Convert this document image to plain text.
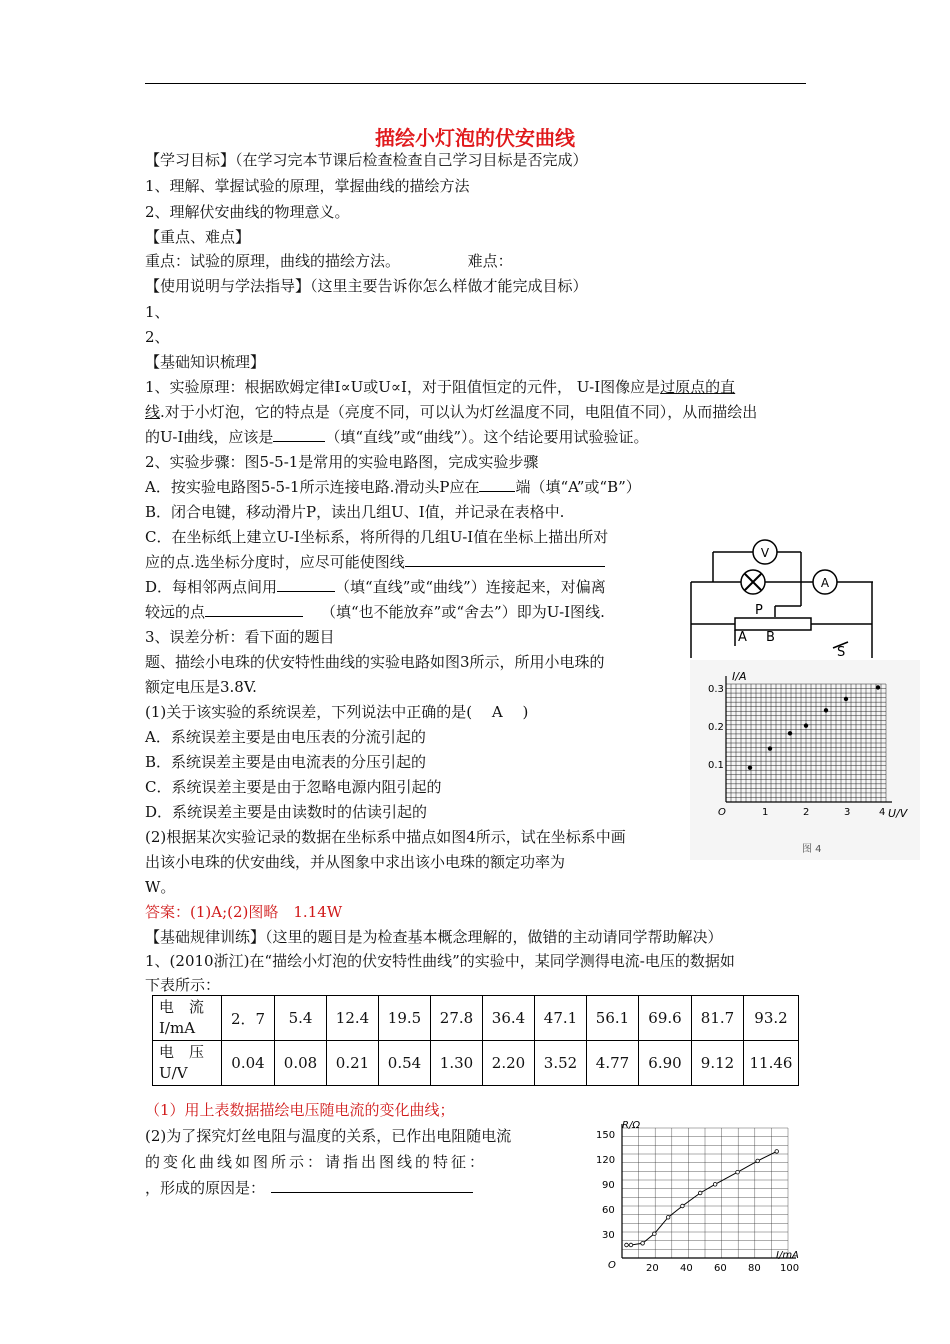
描绘小灯泡的伏安曲线
【学习目标】（在学习完本节课后检查检查自己学习目标是否完成）
1、理解、掌握试验的原理，掌握曲线的描绘方法
2、理解伏安曲线的物理意义。
【重点、难点】
重点：试验的原理，曲线的描绘方法。	难点：
【使用说明与学法指导】（这里主要告诉你怎么样做才能完成目标）
1、
2、
【基础知识梳理】
1、实验原理：根据欧姆定律I∝U或U∝I，对于阻值恒定的元件， U-I图像应是过原点的直
线.对于小灯泡，它的特点是（亮度不同，可以认为灯丝温度不同，电阻值不同），从而描绘出
的U-I曲线，应该是	（填“直线”或“曲线”）。这个结论要用试验验证。
2、实验步骤：图5-5-1是常用的实验电路图，完成实验步骤
A．按实验电路图5-5-1所示连接电路.滑动头P应在 端（填“A”或“B”）
B．闭合电键，移动滑片P，读出几组U、I值，并记录在表格中.
C．在坐标纸上建立U-I坐标系，将所得的几组U-I值在坐标上描出所对
应的点.选坐标分度时，应尽可能使图线
D．每相邻两点间用	（填“直线”或“曲线”）连接起来，对偏离
较远的点	（填“也不能放弃”或“舍去”）即为U-I图线.
3、误差分析：看下面的题目
题、描绘小电珠的伏安特性曲线的实验电路如图3所示，所用小电珠的
额定电压是3.8V.
(1)关于该实验的系统误差，下列说法中正确的是(　 A　 )
A．系统误差主要是由电压表的分流引起的
B．系统误差主要是由电流表的分压引起的
C．系统误差主要是由于忽略电源内阻引起的
D．系统误差主要是由读数时的估读引起的
(2)根据某次实验记录的数据在坐标系中描点如图4所示，试在坐标系中画
出该小电珠的伏安曲线，并从图象中求出该小电珠的额定功率为
W。
答案：(1)A;(2)图略　1.14W
【基础规律训练】（这里的题目是为检查基本概念理解的，做错的主动请同学帮助解决）
1、(2010浙江)在“描绘小灯泡的伏安特性曲线”的实验中，某同学测得电流-电压的数据如
下表所示：
电　流
I/mA	2．7	5.4	12.4	19.5	27.8	36.4	47.1	56.1	69.6	81.7	93.2

电　压
U/V	0.04	0.08	0.21	0.54	1.30	2.20	3.52	4.77	6.90	9.12	11.46
（1）用上表数据描绘电压随电流的变化曲线；
(2)为了探究灯丝电阻与温度的关系，已作出电阻随电流
的变化曲线如图所示：请指出图线的特征：
，形成的原因是：
V
A
P
A B
S
I/A
U/V
0.3
0.2
0.1
1	2	3	4
O
图 4
R/Ω
I/mA
150
120
90
60
30
20 40 60 80 100
O
